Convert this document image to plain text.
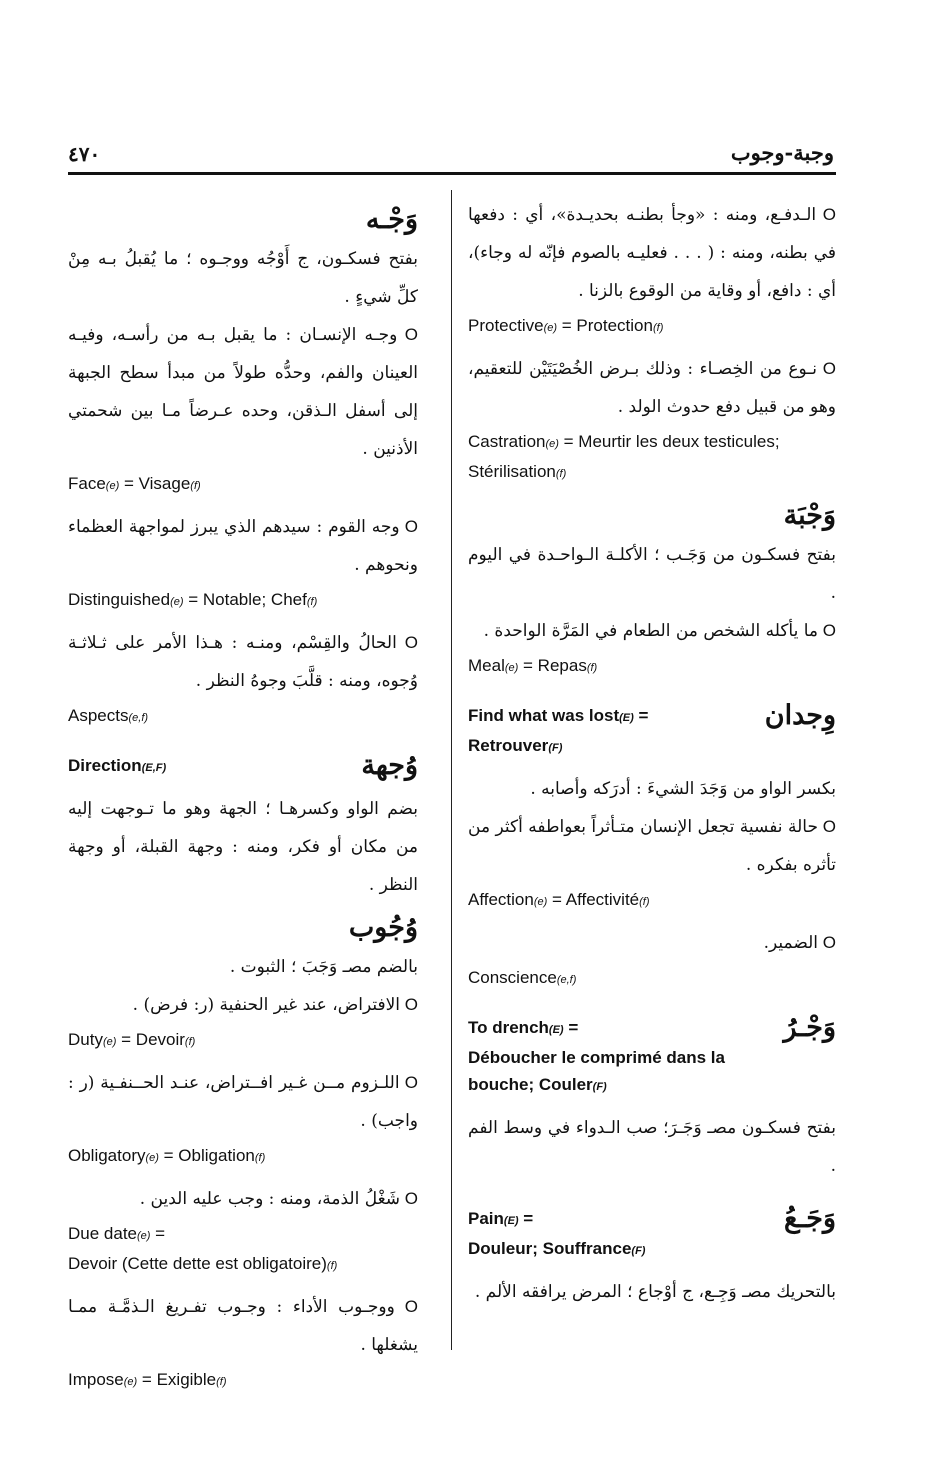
وجبة-وجوب
٤٧٠
O الـدفـع، ومنه : «وجأ بطنـه بحديـدة»، أي : دفعها في بطنه، ومنه : ( . . . فعليـه بالصوم فإنّه له وجاء)، أي : دافع، أو وقاية من الوقوع بالزنا .
Protective(e) = Protection(f)
O نـوع من الخِصـاء : وذلك بـرض الخُصْيَتَيْن للتعقيم، وهو من قبيل دفع حدوث الولد .
Castration(e) = Meurtir les deux testicules; Stérilisation(f)
وَجْبَة
بفتح فسكـون من وَجَـب ؛ الأكلـة الـواحـدة في اليوم .
O ما يأكله الشخص من الطعام في المَرَّة الواحدة .
Meal(e) = Repas(f)
Find what was lost(E) =
Retrouver(F)
وِجدان
بكسر الواو من وَجَدَ الشيءَ : أدرَكه وأصابه .
O حالة نفسية تجعل الإنسان متـأثراً بعواطفه أكثر من تأثره بفكره .
Affection(e) = Affectivité(f)
O الضمير.
Conscience(e,f)
To drench(E) =
Déboucher le comprimé dans la bouche; Couler(F)
وَجْـرُ
بفتح فسكـون مصـ وَجَـرَ؛ صب الـدواء في وسط الفم .
Pain(E) =
Douleur; Souffrance(F)
وَجَـعُ
بالتحريك مصـ وَجِـع، ج أوْجاع ؛ المرض يرافقه الألم .
وَجْـه
بفتح فسكـون، ج أَوْجُه ووجـوه ؛ ما يُقبلُ بـه مِنْ كلِّ شيءٍ .
O وجـه الإنسـان : ما يقبل بـه من رأسـه، وفيـه العينان والفم، وحدُّه طولاً من مبدأ سطح الجبهة إلى أسفل الـذقن، وحده عـرضاً مـا بين شحمتي الأذنين .
Face(e) = Visage(f)
O وجه القوم : سيدهم الذي يبرز لمواجهة العظماء ونحوهم .
Distinguished(e) = Notable; Chef(f)
O الحالُ والقِسْم، ومنـه : هـذا الأمر على ثـلاثـة وُجوه، ومنه : قلَّبَ وجوهُ النظر .
Aspects(e,f)
Direction(E,F)	وُجهة
بضم الواو وكسرهـا ؛ الجهة وهو ما تـوجهت إليه من مكان أو فكر، ومنه : وجهة القبلة، أو وجهة النظر .
وُجُوب
بالضم مصـ وَجَبَ ؛ الثبوت .
O الافتراض، عند غير الحنفية (ر: فرض) .
Duty(e) = Devoir(f)
O اللـزوم مــن غـير افــتراض، عنـد الحــنفـية (ر : واجب) .
Obligatory(e) = Obligation(f)
O شَغْلُ الذمة، ومنه : وجب عليه الدين .
Due date(e) =
Devoir (Cette dette est obligatoire)(f)
O ووجـوب الأداء : وجـوب تفـريغ الـذمَّـة ممـا يشغلها .
Impose(e) = Exigible(f)
